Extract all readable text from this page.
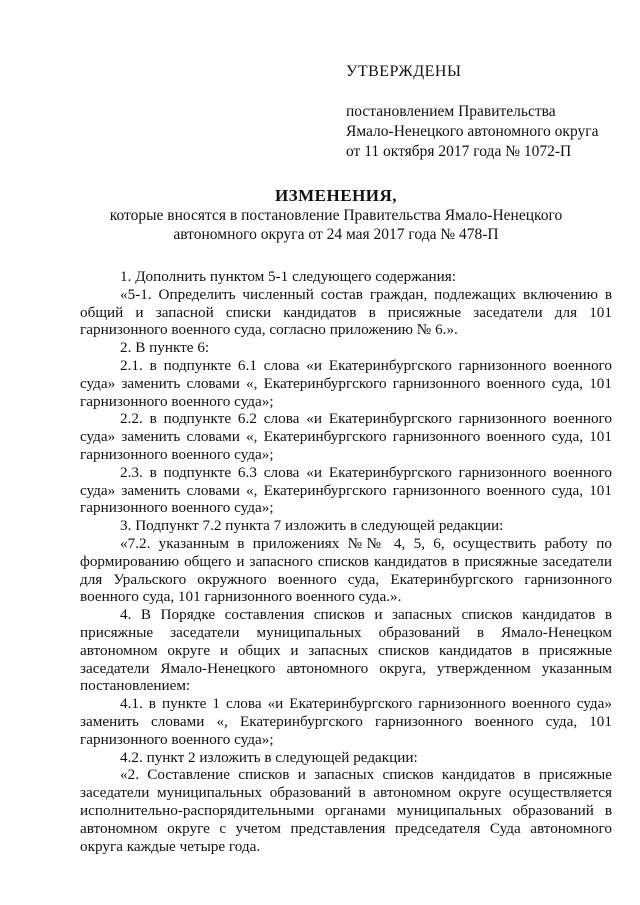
УТВЕРЖДЕНЫ

постановлением Правительства

Ямало-Ненецкого автономного округа

от 11 октября 2017 года № 1072-П

ИЗМЕНЕНИЯ,

которые вносятся в постановление Правительства Ямало-Ненецкого

автономного округа от 24 мая 2017 года № 478-П

1. Дополнить пунктом 5-1 следующего содержания:

«5-1. Определить численный состав граждан, подлежащих включению в общий и запасной списки кандидатов в присяжные заседатели для 101 гарнизонного военного суда, согласно приложению № 6.».

2. В пункте 6:

2.1. в подпункте 6.1 слова «и Екатеринбургского гарнизонного военного суда» заменить словами «, Екатеринбургского гарнизонного военного суда, 101 гарнизонного военного суда»;

2.2. в подпункте 6.2 слова «и Екатеринбургского гарнизонного военного суда» заменить словами «, Екатеринбургского гарнизонного военного суда, 101 гарнизонного военного суда»;

2.3. в подпункте 6.3 слова «и Екатеринбургского гарнизонного военного суда» заменить словами «, Екатеринбургского гарнизонного военного суда, 101 гарнизонного военного суда»;

3. Подпункт 7.2 пункта 7 изложить в следующей редакции:

«7.2. указанным в приложениях №№ 4, 5, 6, осуществить работу по формированию общего и запасного списков кандидатов в присяжные заседатели для Уральского окружного военного суда, Екатеринбургского гарнизонного военного суда, 101 гарнизонного военного суда.».

4. В Порядке составления списков и запасных списков кандидатов в присяжные заседатели муниципальных образований в Ямало-Ненецком автономном округе и общих и запасных списков кандидатов в присяжные заседатели Ямало-Ненецкого автономного округа, утвержденном указанным постановлением:

4.1. в пункте 1 слова «и Екатеринбургского гарнизонного военного суда» заменить словами «, Екатеринбургского гарнизонного военного суда, 101 гарнизонного военного суда»;

4.2. пункт 2 изложить в следующей редакции:

«2. Составление списков и запасных списков кандидатов в присяжные заседатели муниципальных образований в автономном округе осуществляется исполнительно-распорядительными органами муниципальных образований в автономном округе с учетом представления председателя Суда автономного округа каждые четыре года.
